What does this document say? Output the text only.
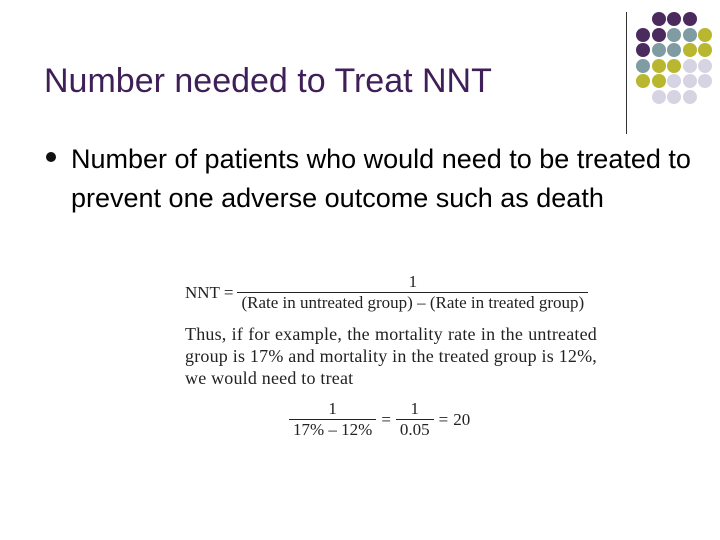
Number needed to Treat NNT
Number of patients who would need to be treated to prevent one adverse outcome such as death
NNT = $\frac{1}{\text{(Rate in untreated group) – (Rate in treated group)}}$
Thus, if for example, the mortality rate in the untreated group is 17% and mortality in the treated group is 12%, we would need to treat
$\frac{1}{17\% - 12\%} = \frac{1}{0.05} = 20$
